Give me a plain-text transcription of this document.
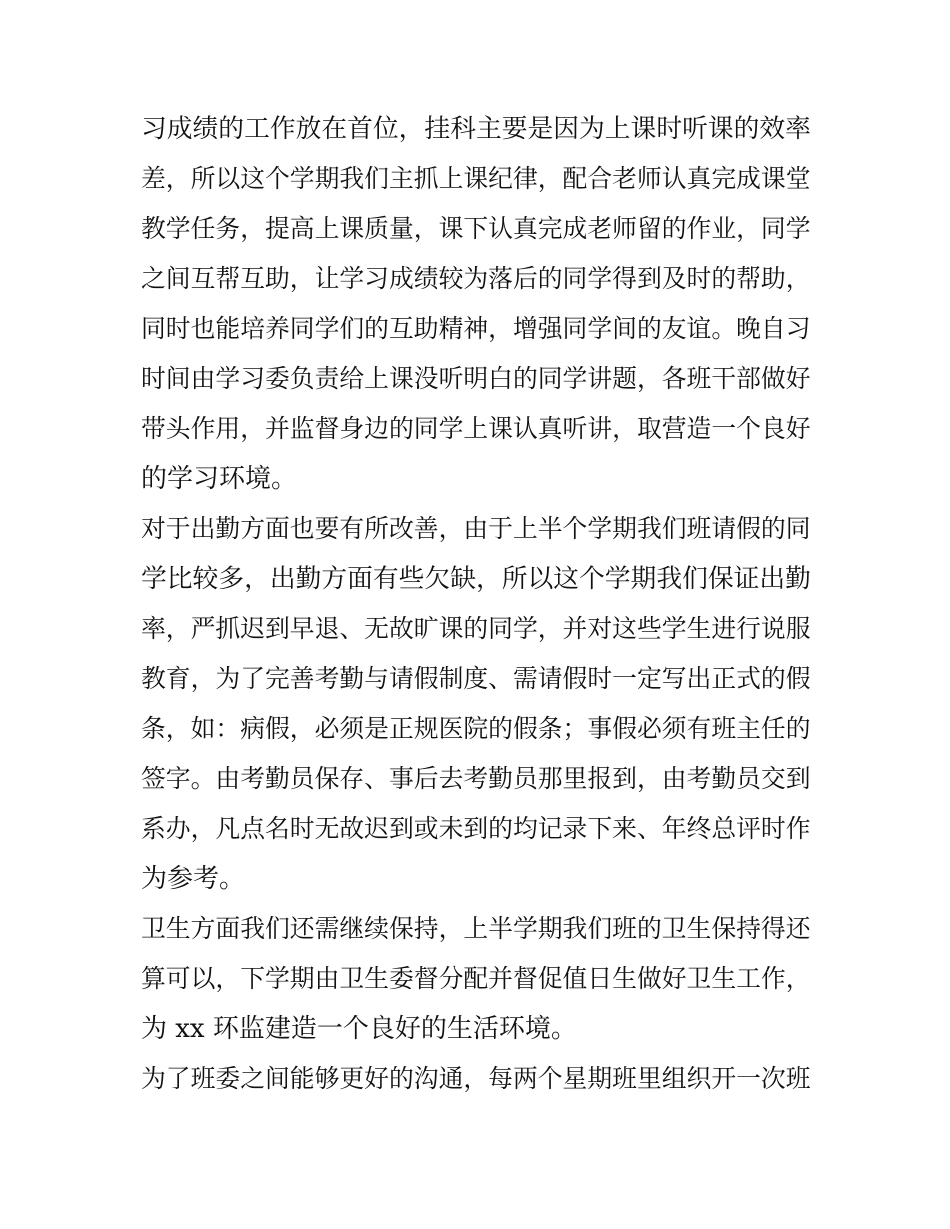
习成绩的工作放在首位，挂科主要是因为上课时听课的效率
差，所以这个学期我们主抓上课纪律，配合老师认真完成课堂
教学任务，提高上课质量，课下认真完成老师留的作业，同学
之间互帮互助，让学习成绩较为落后的同学得到及时的帮助，
同时也能培养同学们的互助精神，增强同学间的友谊。晚自习
时间由学习委负责给上课没听明白的同学讲题，各班干部做好
带头作用，并监督身边的同学上课认真听讲，取营造一个良好
的学习环境。
对于出勤方面也要有所改善，由于上半个学期我们班请假的同
学比较多，出勤方面有些欠缺，所以这个学期我们保证出勤
率，严抓迟到早退、无故旷课的同学，并对这些学生进行说服
教育，为了完善考勤与请假制度、需请假时一定写出正式的假
条，如：病假，必须是正规医院的假条；事假必须有班主任的
签字。由考勤员保存、事后去考勤员那里报到，由考勤员交到
系办，凡点名时无故迟到或未到的均记录下来、年终总评时作
为参考。
卫生方面我们还需继续保持，上半学期我们班的卫生保持得还
算可以，下学期由卫生委督分配并督促值日生做好卫生工作，
为 xx 环监建造一个良好的生活环境。
为了班委之间能够更好的沟通，每两个星期班里组织开一次班
